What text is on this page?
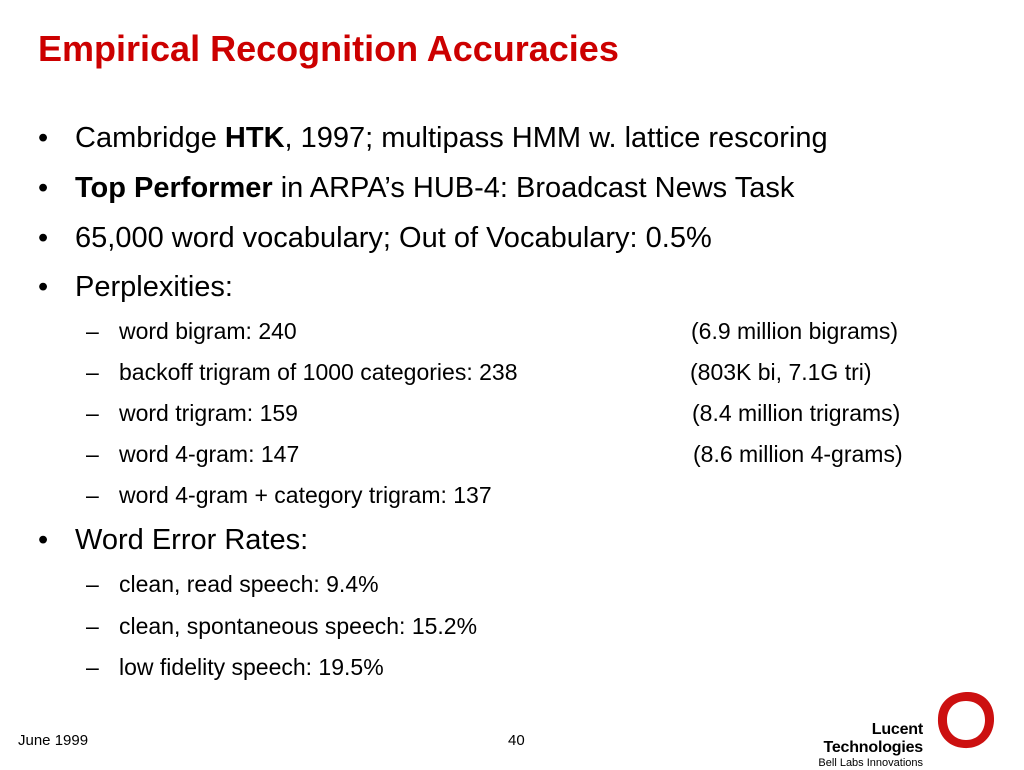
Empirical Recognition Accuracies
• Cambridge HTK, 1997; multipass HMM w. lattice rescoring
• Top Performer in ARPA’s HUB-4: Broadcast News Task
• 65,000 word vocabulary; Out of Vocabulary: 0.5%
• Perplexities:
– word bigram: 240	(6.9 million bigrams)
– backoff trigram of 1000 categories: 238	(803K bi, 7.1G tri)
– word trigram: 159	(8.4 million trigrams)
– word 4-gram: 147	(8.6 million 4-grams)
– word 4-gram + category trigram: 137
• Word Error Rates:
– clean, read speech: 9.4%
– clean, spontaneous speech: 15.2%
– low fidelity speech: 19.5%
June 1999	40
Lucent Technologies
Bell Labs Innovations
